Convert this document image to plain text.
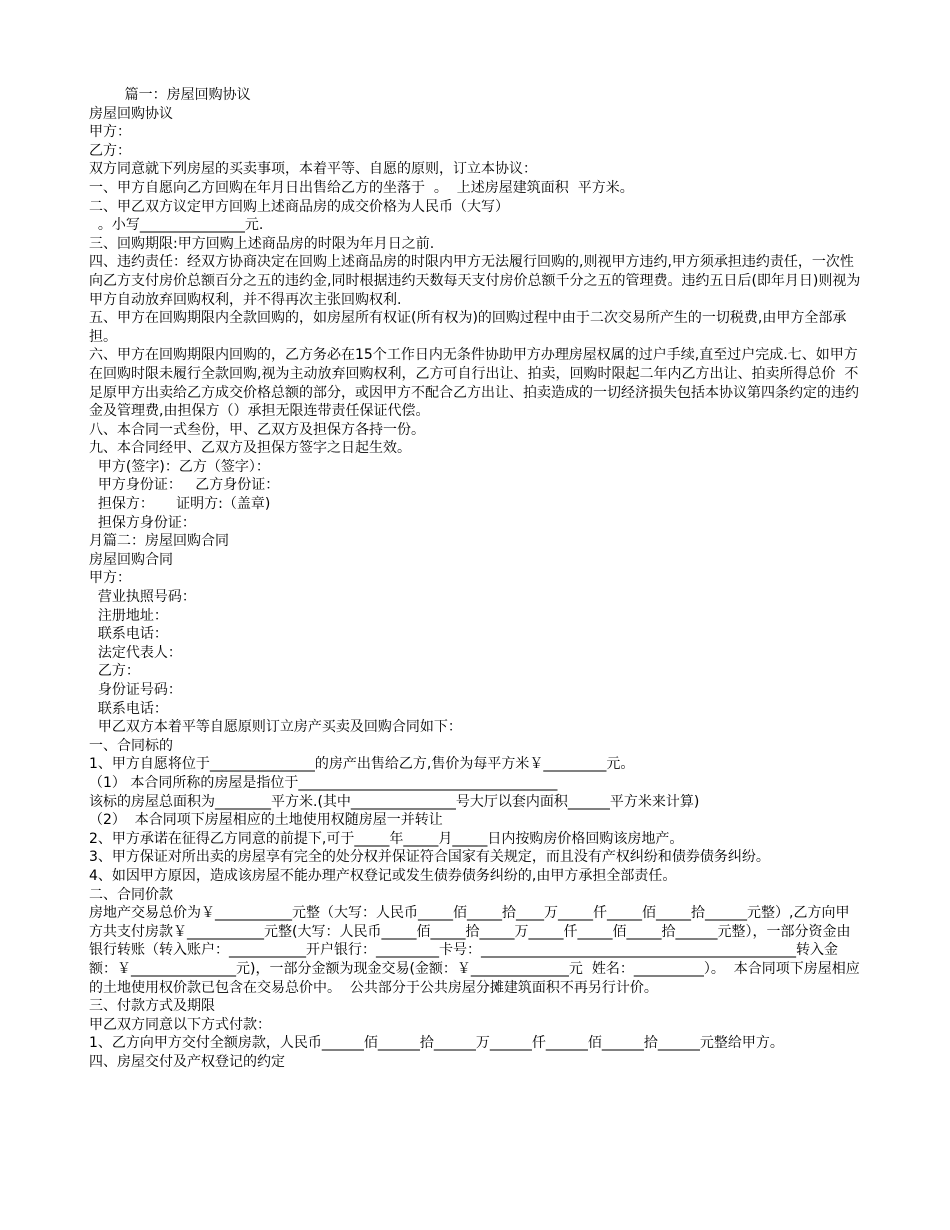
篇一：房屋回购协议

房屋回购协议

甲方：

乙方：

双方同意就下列房屋的买卖事项，本着平等、自愿的原则，订立本协议：

一、甲方自愿向乙方回购在年月日出售给乙方的坐落于  。  上述房屋建筑面积  平方米。

二、甲乙双方议定甲方回购上述商品房的成交价格为人民币（大写）

。小写_______________元.

三、回购期限:甲方回购上述商品房的时限为年月日之前.

四、违约责任：经双方协商决定在回购上述商品房的时限内甲方无法履行回购的,则视甲方违约,甲方须承担违约责任，一次性向乙方支付房价总额百分之五的违约金,同时根据违约天数每天支付房价总额千分之五的管理费。违约五日后(即年月日)则视为甲方自动放弃回购权利，并不得再次主张回购权利.

五、甲方在回购期限内全款回购的，如房屋所有权证(所有权为)的回购过程中由于二次交易所产生的一切税费,由甲方全部承担。

六、甲方在回购期限内回购的，乙方务必在15个工作日内无条件协助甲方办理房屋权属的过户手续,直至过户完成.七、如甲方在回购时限未履行全款回购,视为主动放弃回购权利，乙方可自行出让、拍卖，回购时限起二年内乙方出让、拍卖所得总价  不足原甲方出卖给乙方成交价格总额的部分，或因甲方不配合乙方出让、拍卖造成的一切经济损失包括本协议第四条约定的违约金及管理费,由担保方（）承担无限连带责任保证代偿。

八、本合同一式叁份，甲、乙双方及担保方各持一份。

九、本合同经甲、乙双方及担保方签字之日起生效。

甲方(签字)：乙方（签字）：

甲方身份证：   乙方身份证：

担保方：     证明方:（盖章)

担保方身份证：

月篇二：房屋回购合同

房屋回购合同

甲方：

营业执照号码：

注册地址：

联系电话：

法定代表人：

乙方：

身份证号码：

联系电话：

甲乙双方本着平等自愿原则订立房产买卖及回购合同如下：

一、合同标的

1、甲方自愿将位于_______________的房产出售给乙方,售价为每平方米￥_________元。

（1） 本合同所称的房屋是指位于_____________________________________

该标的房屋总面积为________平方米.(其中_______________号大厅以套内面积______平方米来计算)

（2）  本合同项下房屋相应的土地使用权随房屋一并转让

2、甲方承诺在征得乙方同意的前提下,可于_____年_____月_____日内按购房价格回购该房地产。

3、甲方保证对所出卖的房屋享有完全的处分权并保证符合国家有关规定，而且没有产权纠纷和债券债务纠纷。

4、如因甲方原因，造成该房屋不能办理产权登记或发生债券债务纠纷的,由甲方承担全部责任。

二、合同价款

房地产交易总价为￥___________元整（大写：人民币_____佰_____拾____万_____仟_____佰_____拾______元整）,乙方向甲方共支付房款￥___________元整(大写：人民币_____佰_____拾_____万_____仟_____佰_____拾______元整），一部分资金由银行转账（转入账户：___________开户银行：_________卡号：_____________________________________________转入金额：￥_______________元)，一部分金额为现金交易(金额：￥______________元  姓名：__________）。  本合同项下房屋相应的土地使用权价款已包含在交易总价中。  公共部分于公共房屋分摊建筑面积不再另行计价。

三、付款方式及期限

甲乙双方同意以下方式付款：

1、乙方向甲方交付全额房款，人民币______佰______拾______万______仟______佰______拾______元整给甲方。

四、房屋交付及产权登记的约定
